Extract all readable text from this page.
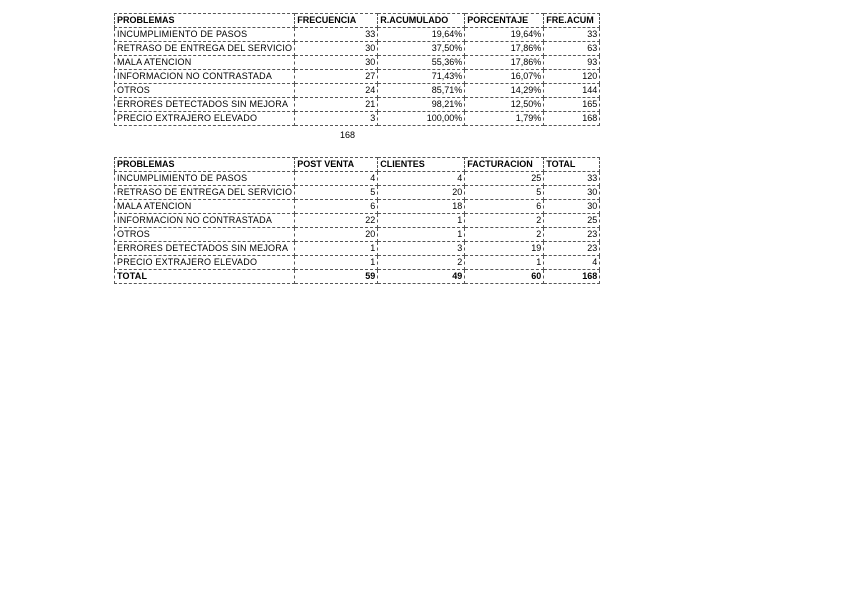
PROBLEMAS	FRECUENCIA	R.ACUMULADO	PORCENTAJE	FRE.ACUM
INCUMPLIMIENTO DE PASOS	33	19,64%	19,64%	33
RETRASO DE ENTREGA DEL SERVICIO	30	37,50%	17,86%	63
MALA ATENCION	30	55,36%	17,86%	93
INFORMACION NO CONTRASTADA	27	71,43%	16,07%	120
OTROS	24	85,71%	14,29%	144
ERRORES DETECTADOS SIN MEJORA	21	98,21%	12,50%	165
PRECIO EXTRAJERO ELEVADO	3	100,00%	1,79%	168
168
PROBLEMAS	POST VENTA	CLIENTES	FACTURACION	TOTAL
INCUMPLIMIENTO DE PASOS	4	4	25	33
RETRASO DE ENTREGA DEL SERVICIO	5	20	5	30
MALA ATENCION	6	18	6	30
INFORMACION NO CONTRASTADA	22	1	2	25
OTROS	20	1	2	23
ERRORES DETECTADOS SIN MEJORA	1	3	19	23
PRECIO EXTRAJERO ELEVADO	1	2	1	4
TOTAL	59	49	60	168
